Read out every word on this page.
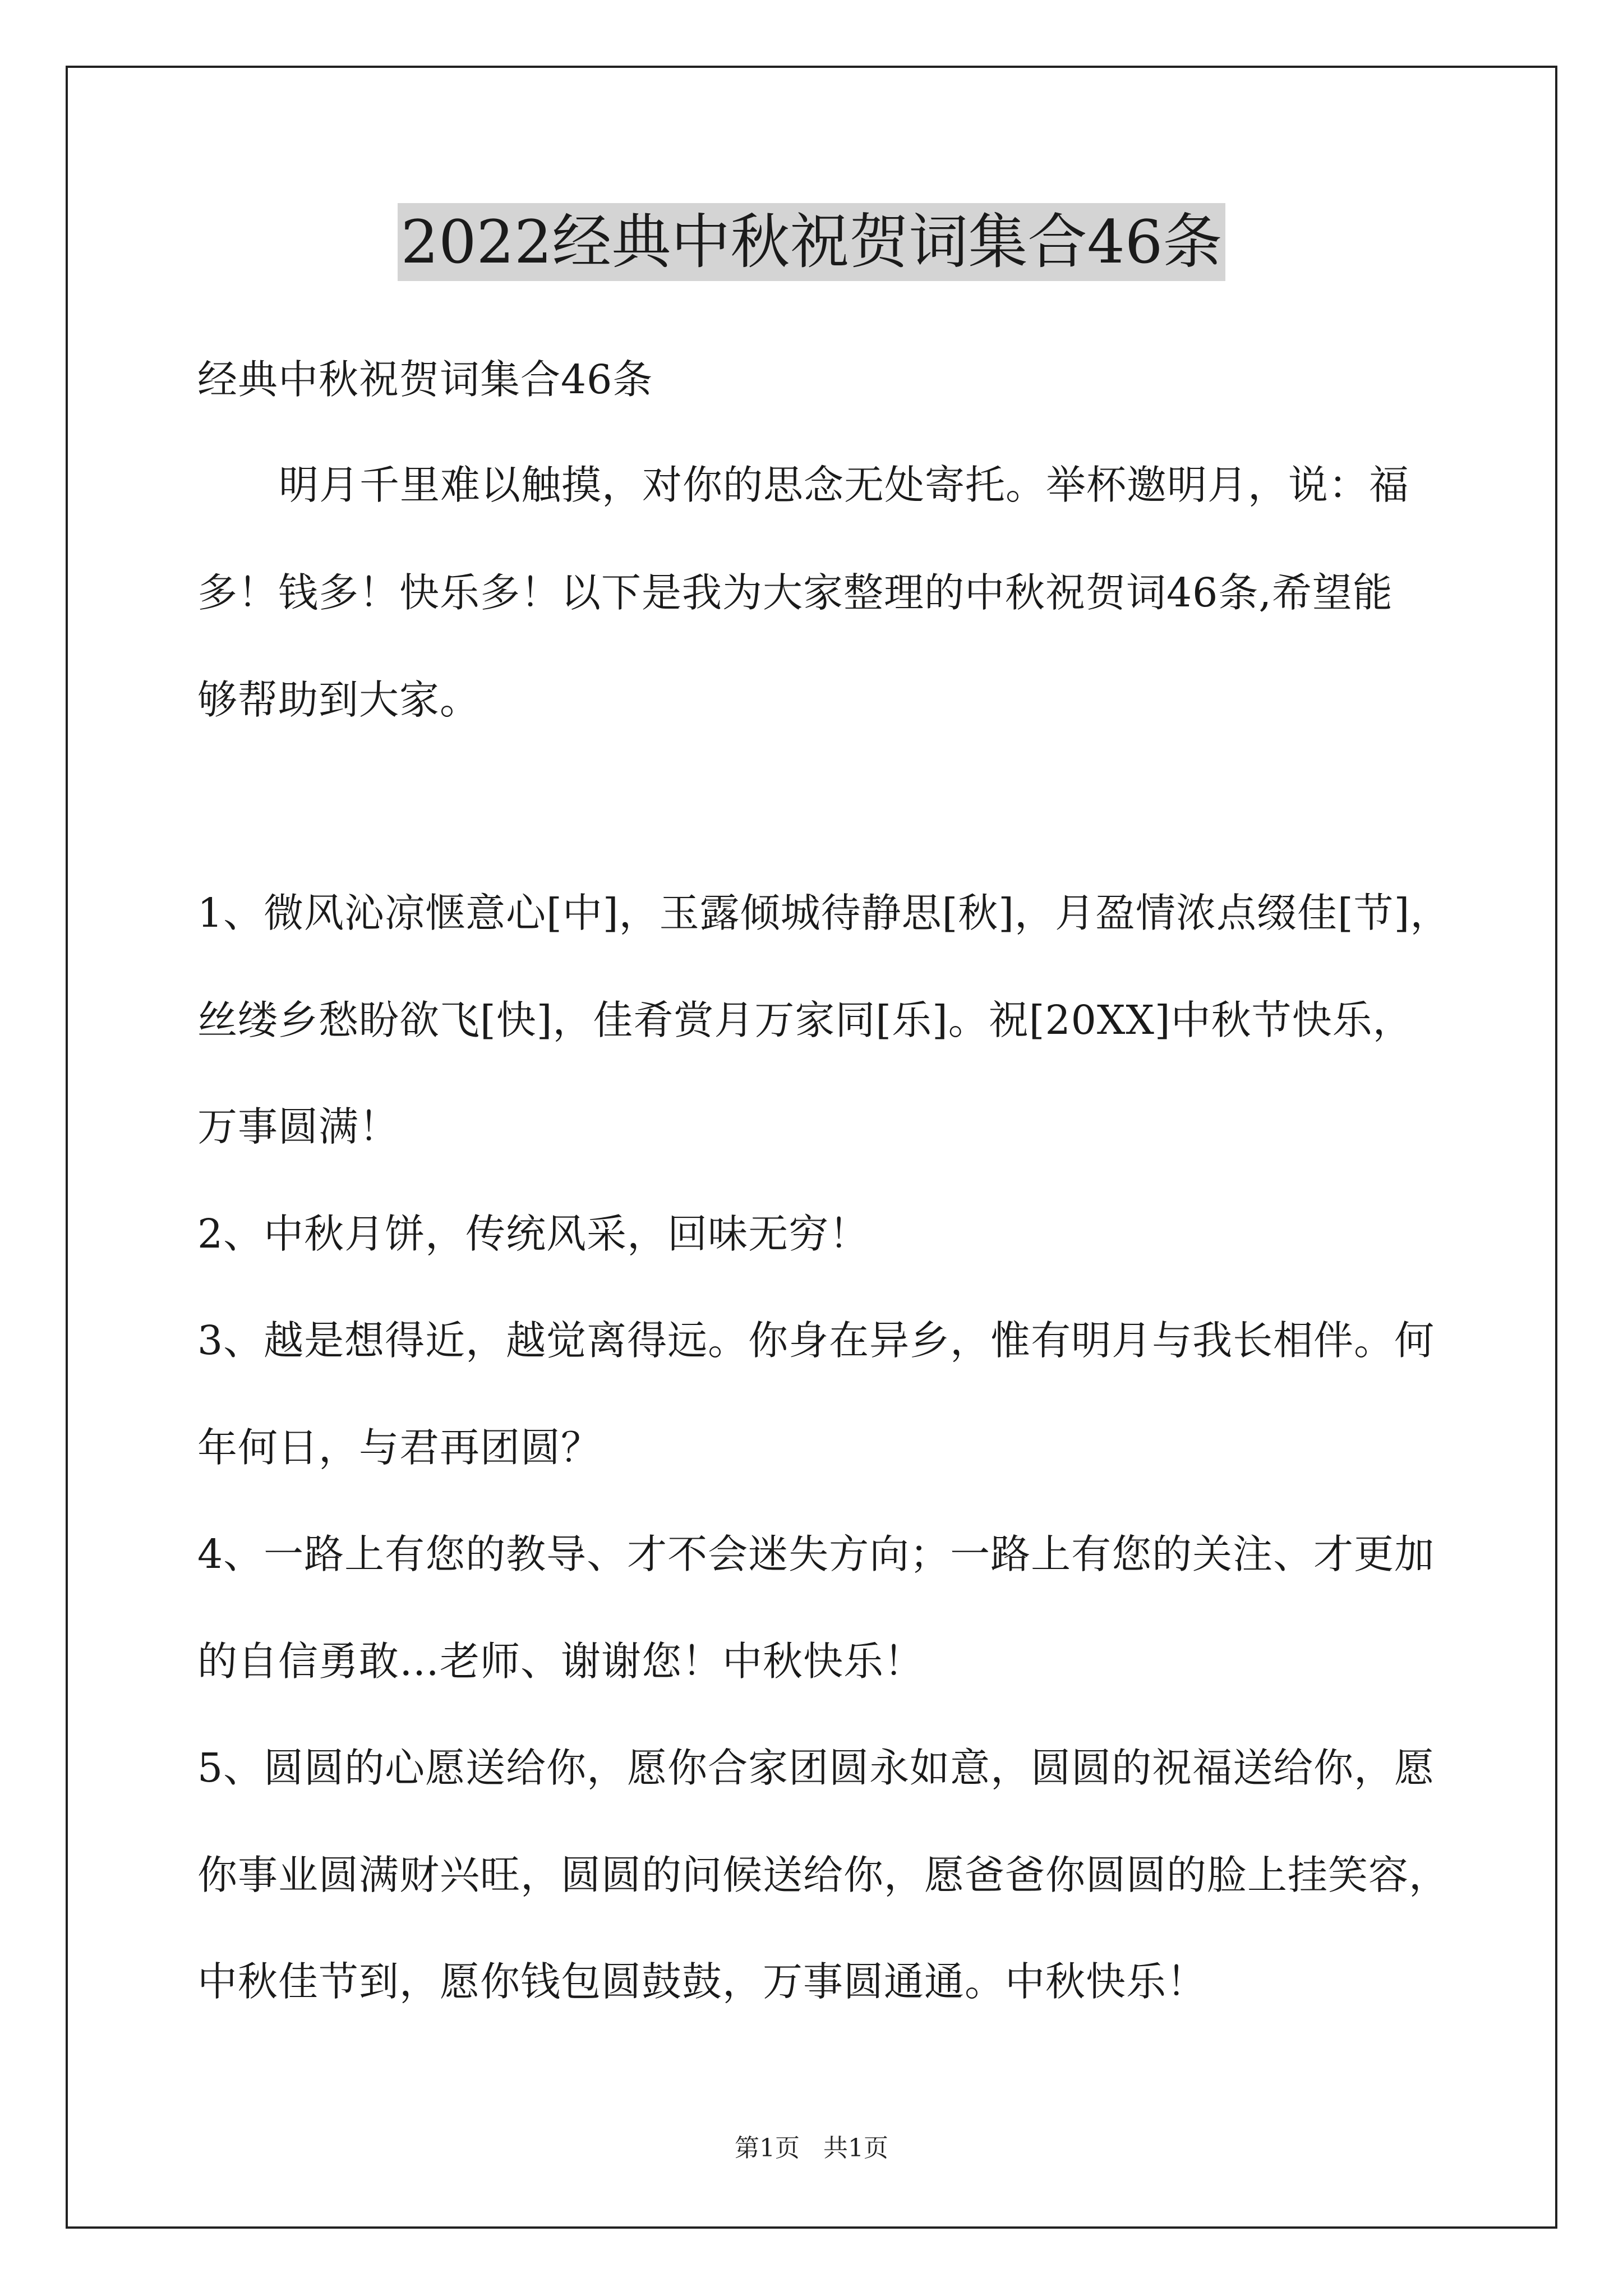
2022经典中秋祝贺词集合46条
经典中秋祝贺词集合46条
明月千里难以触摸，对你的思念无处寄托。举杯邀明月，说：福
多！钱多！快乐多！以下是我为大家整理的中秋祝贺词46条,希望能
够帮助到大家。
1、微风沁凉惬意心[中]，玉露倾城待静思[秋]，月盈情浓点缀佳[节]，
丝缕乡愁盼欲飞[快]，佳肴赏月万家同[乐]。祝[20XX]中秋节快乐，
万事圆满！
2、中秋月饼，传统风采，回味无穷！
3、越是想得近，越觉离得远。你身在异乡，惟有明月与我长相伴。何
年何日，与君再团圆？
4、一路上有您的教导、才不会迷失方向；一路上有您的关注、才更加
的自信勇敢…老师、谢谢您！中秋快乐！
5、圆圆的心愿送给你，愿你合家团圆永如意，圆圆的祝福送给你，愿
你事业圆满财兴旺，圆圆的问候送给你，愿爸爸你圆圆的脸上挂笑容，
中秋佳节到，愿你钱包圆鼓鼓，万事圆通通。中秋快乐！
第1页   共1页
